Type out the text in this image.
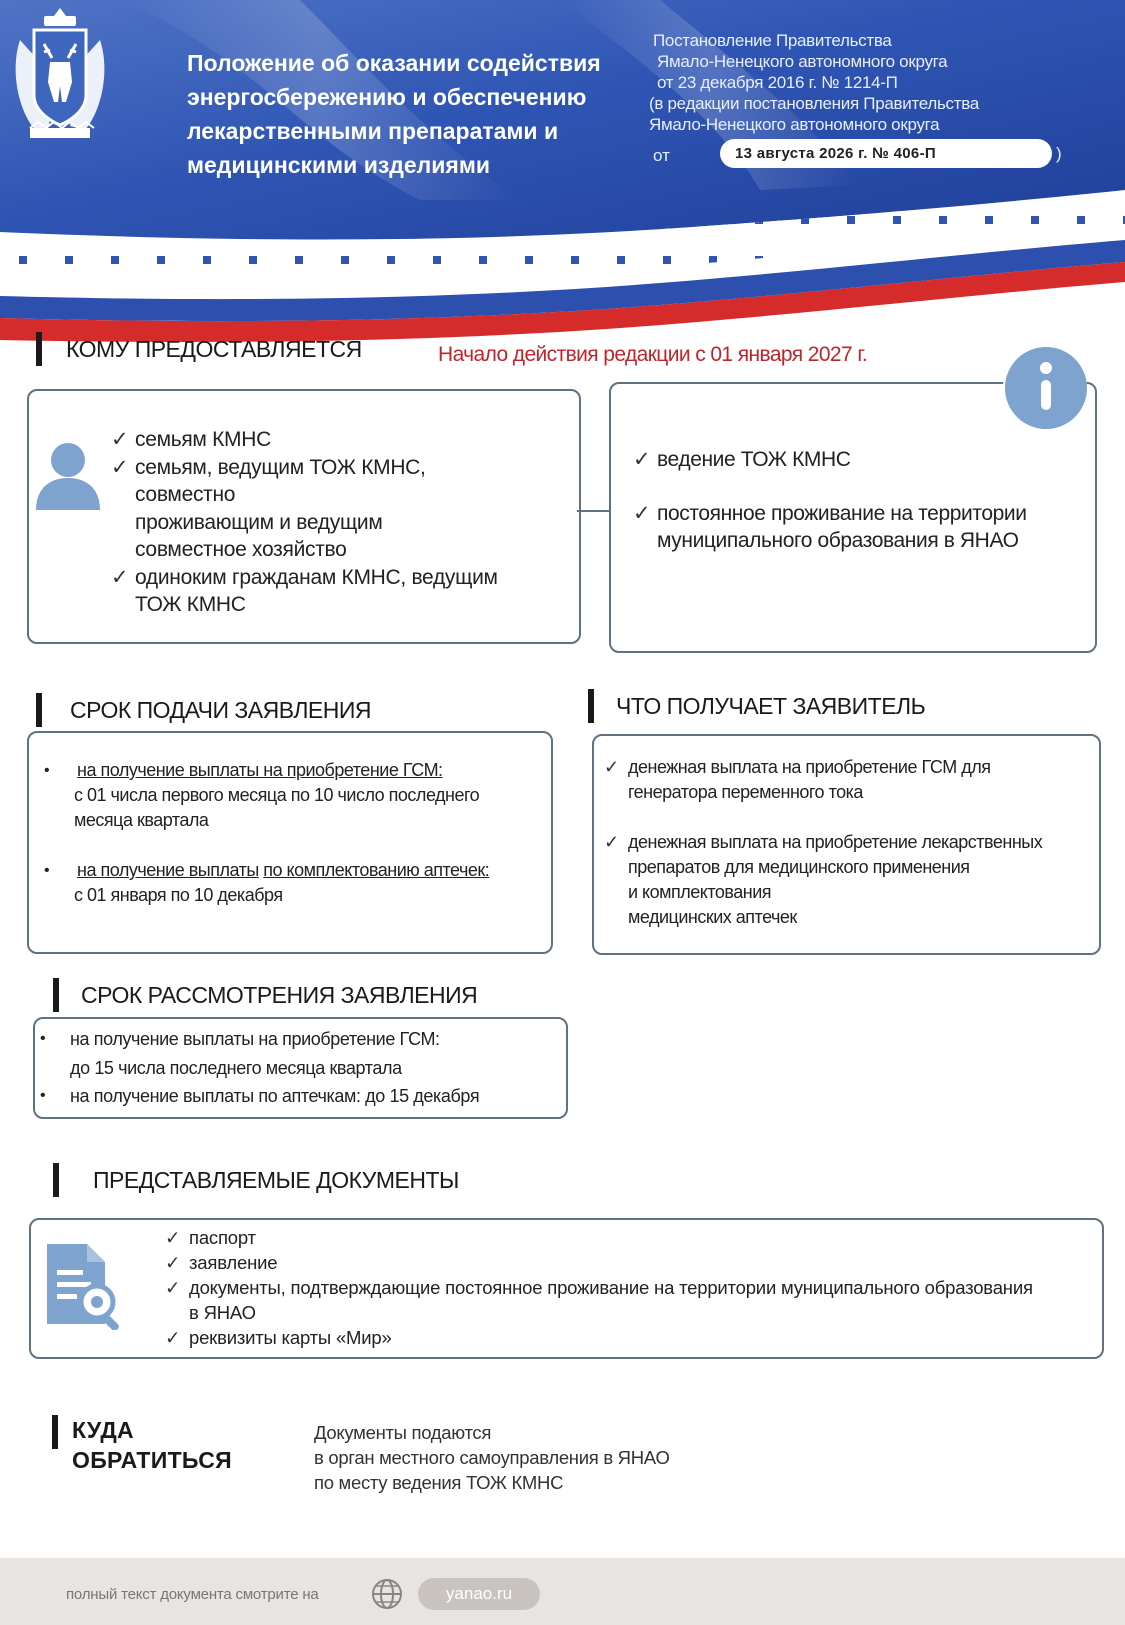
Положение об оказании содействия
энергосбережению и обеспечению
лекарственными препаратами и
медицинскими изделиями
Постановление Правительства
Ямало-Ненецкого автономного округа
от 23 декабря 2016 г. № 1214-П
(в редакции постановления Правительства
Ямало-Ненецкого автономного округа
от	13 августа 2026 г. № 406-П	)
КОМУ ПРЕДОСТАВЛЯЕТСЯ	Начало действия редакции с 01 января 2027 г.
✓ семьям КМНС
✓ семьям, ведущим ТОЖ КМНС,
совместно
проживающим и ведущим
совместное хозяйство
✓ одиноким гражданам КМНС, ведущим
ТОЖ КМНС
✓ ведение ТОЖ КМНС
✓ постоянное проживание на территории
муниципального образования в ЯНАО
СРОК ПОДАЧИ ЗАЯВЛЕНИЯ
•	на получение выплаты на приобретение ГСМ:
с 01 числа первого месяца по 10 число последнего
месяца квартала
•	на получение выплаты по комплектованию аптечек:
с 01 января по 10 декабря
ЧТО ПОЛУЧАЕТ ЗАЯВИТЕЛЬ
✓ денежная выплата на приобретение ГСМ для
генератора переменного тока
✓ денежная выплата на приобретение лекарственных
препаратов для медицинского применения
и комплектования
медицинских аптечек
СРОК РАССМОТРЕНИЯ ЗАЯВЛЕНИЯ
•	на получение выплаты на приобретение ГСМ:
до 15 числа последнего месяца квартала
•	на получение выплаты по аптечкам: до 15 декабря
ПРЕДСТАВЛЯЕМЫЕ ДОКУМЕНТЫ
✓ паспорт
✓ заявление
✓ документы, подтверждающие постоянное проживание на территории муниципального образования
в ЯНАО
✓ реквизиты карты «Мир»
КУДА
ОБРАТИТЬСЯ
Документы подаются
в орган местного самоуправления в ЯНАО
по месту ведения ТОЖ КМНС
полный текст документа смотрите на	yanao.ru
